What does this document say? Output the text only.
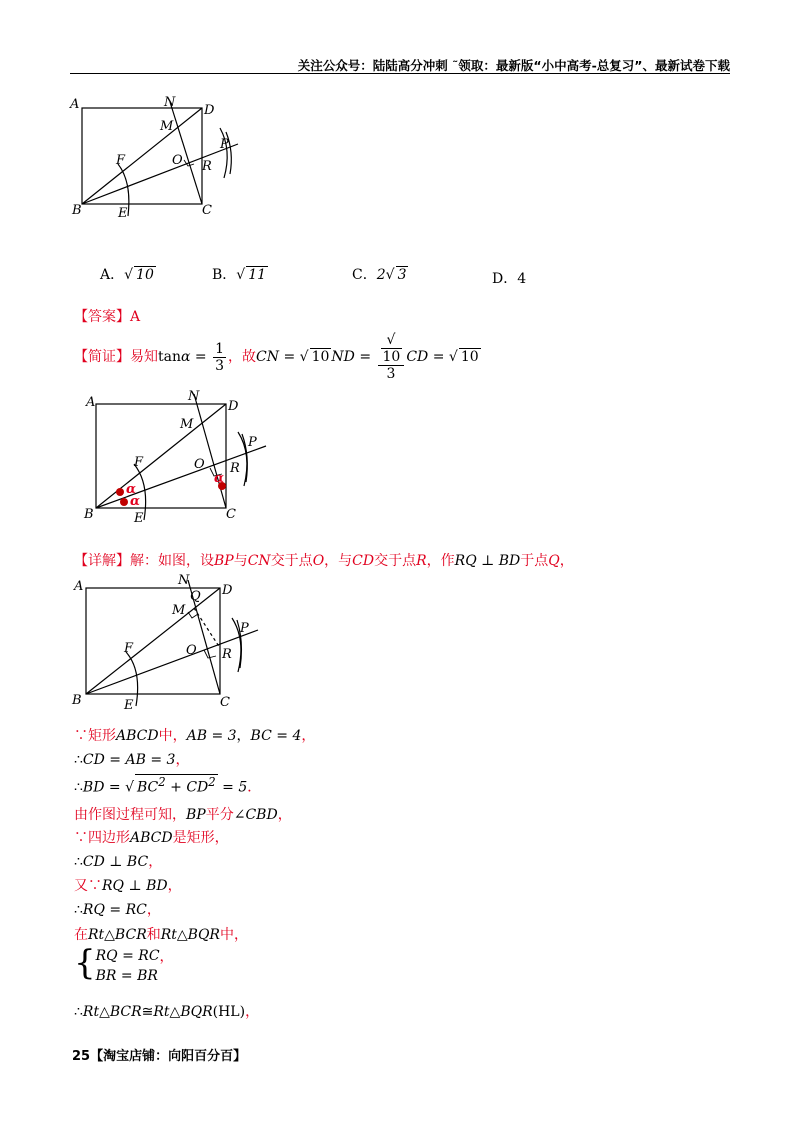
关注公众号：陆陆高分冲刺 ˜领取：最新版“小中高考-总复习”、最新试卷下载
A	N
D
M
P
F	O R
B	E	C
A．√ 10	B．√ 11	C．2√ 3	D．4
【答案】A
【简证】易知$\tan\alpha = \frac{1}{3}$ ，故CN = √ 10 ND = √
10
3 CD = √ 10
α
α
α
A	N
D
M
P
F	O R
B	E	C
【详解】解：如图，设BP与CN交于点O，与CD交于点R，作RQ ⊥ BD于点Q，
A	N
D
Q
M
P
F	O R
B	E	C
∵矩形ABCD中，AB = 3，BC = 4，
∴CD = AB = 3，
∴BD = √ $BC^2 + CD^2 = 5$．
由作图过程可知，BP平分∠CBD，
∵四边形ABCD是矩形，
∴CD ⊥ BC，
又∵RQ ⊥ BD，
∴RQ = RC，
在Rt△BCR和Rt△BQR中，
{ RQ = RC
BR = BR
，
∴Rt△BCR≅Rt△BQR(HL)，
25【淘宝店铺：向阳百分百】
